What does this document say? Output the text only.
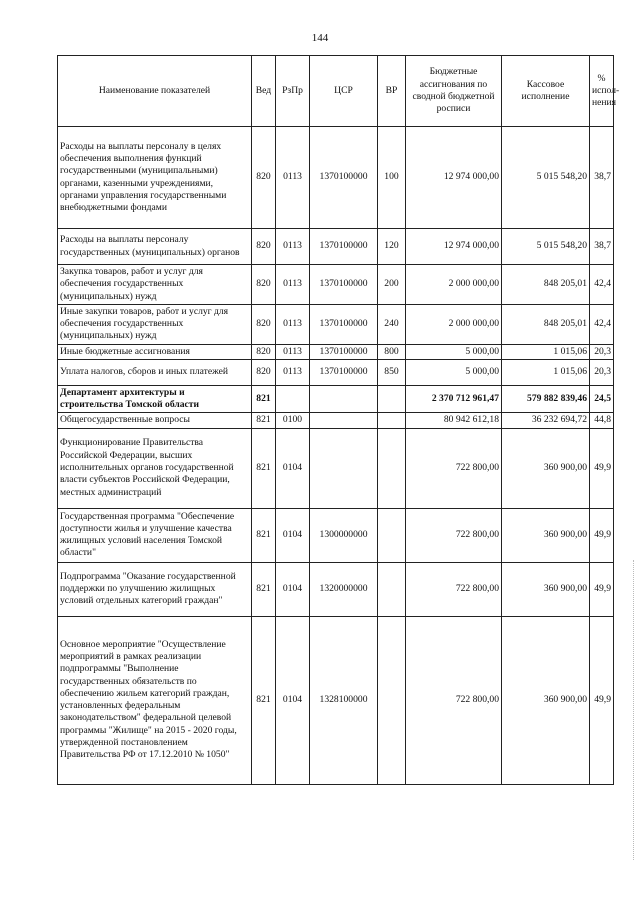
144
Наименование показателей	Вед	РзПр	ЦСР	ВР	Бюджетные ассигнования по сводной бюджетной росписи	Кассовое исполнение	% испол-нения
Расходы на выплаты персоналу в целях обеспечения выполнения функций государственными (муниципальными) органами, казенными учреждениями, органами управления государственными внебюджетными фондами	820	0113	1370100000	100	12 974 000,00	5 015 548,20	38,7
Расходы на выплаты персоналу государственных (муниципальных) органов	820	0113	1370100000	120	12 974 000,00	5 015 548,20	38,7
Закупка товаров, работ и услуг для обеспечения государственных (муниципальных) нужд	820	0113	1370100000	200	2 000 000,00	848 205,01	42,4
Иные закупки товаров, работ и услуг для обеспечения государственных (муниципальных) нужд	820	0113	1370100000	240	2 000 000,00	848 205,01	42,4
Иные бюджетные ассигнования	820	0113	1370100000	800	5 000,00	1 015,06	20,3
Уплата налогов, сборов и иных платежей	820	0113	1370100000	850	5 000,00	1 015,06	20,3
Департамент архитектуры и строительства Томской области	821				2 370 712 961,47	579 882 839,46	24,5
Общегосударственные вопросы	821	0100			80 942 612,18	36 232 694,72	44,8
Функционирование Правительства Российской Федерации, высших исполнительных органов государственной власти субъектов Российской Федерации, местных администраций	821	0104			722 800,00	360 900,00	49,9
Государственная программа "Обеспечение доступности жилья и улучшение качества жилищных условий населения Томской области"	821	0104	1300000000		722 800,00	360 900,00	49,9
Подпрограмма "Оказание государственной поддержки по улучшению жилищных условий отдельных категорий граждан"	821	0104	1320000000		722 800,00	360 900,00	49,9
Основное мероприятие "Осуществление мероприятий в рамках реализации подпрограммы "Выполнение государственных обязательств по обеспечению жильем категорий граждан, установленных федеральным законодательством" федеральной целевой программы "Жилище" на 2015 - 2020 годы, утвержденной постановлением Правительства РФ от 17.12.2010 № 1050"	821	0104	1328100000		722 800,00	360 900,00	49,9
